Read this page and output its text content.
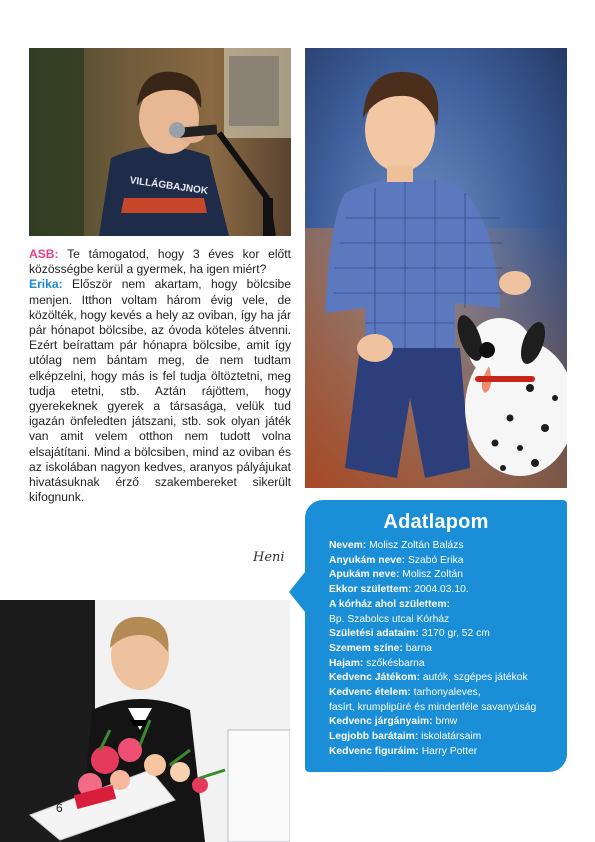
VILLÁGBAJNOK

ASB: Te támogatod, hogy 3 éves kor előtt közösségbe kerül a gyermek, ha igen miért?

Erika: Először nem akartam, hogy bölcsibe menjen. Itthon voltam három évig vele, de közölték, hogy kevés a hely az oviban, így ha jár pár hónapot bölcsibe, az óvoda köteles átvenni. Ezért beírattam pár hónapra bölcsibe, amit így utólag nem bántam meg, de nem tudtam elképzelni, hogy más is fel tudja öltöztetni, meg tudja etetni, stb. Aztán rájöttem, hogy gyerekeknek gyerek a társasága, velük tud igazán önfeledten játszani, stb. sok olyan játék van amit velem otthon nem tudott volna elsajátítani. Mind a bölcsiben, mind az oviban és az iskolában nagyon kedves, aranyos pályájukat hivatásuknak érző szakembereket sikerült kifognunk.

Heni
Adatlapom
Nevem: Molisz Zoltán Balázs
Anyukám neve: Szabó Erika
Apukám neve: Molisz Zoltán
Ekkor születtem: 2004.03.10.
A kórház ahol születtem:
Bp. Szabolcs utcai Kórház
Születési adataim: 3170 gr, 52 cm
Szemem színe: barna
Hajam: szőkésbarna
Kedvenc Játékom: autók, szgépes játékok
Kedvenc ételem: tarhonyaleves,
fasírt, krumplipüré és mindenféle savanyúság
Kedvenc járgányaim: bmw
Legjobb barátaim: iskolatársaim
Kedvenc figuráim: Harry Potter
6
